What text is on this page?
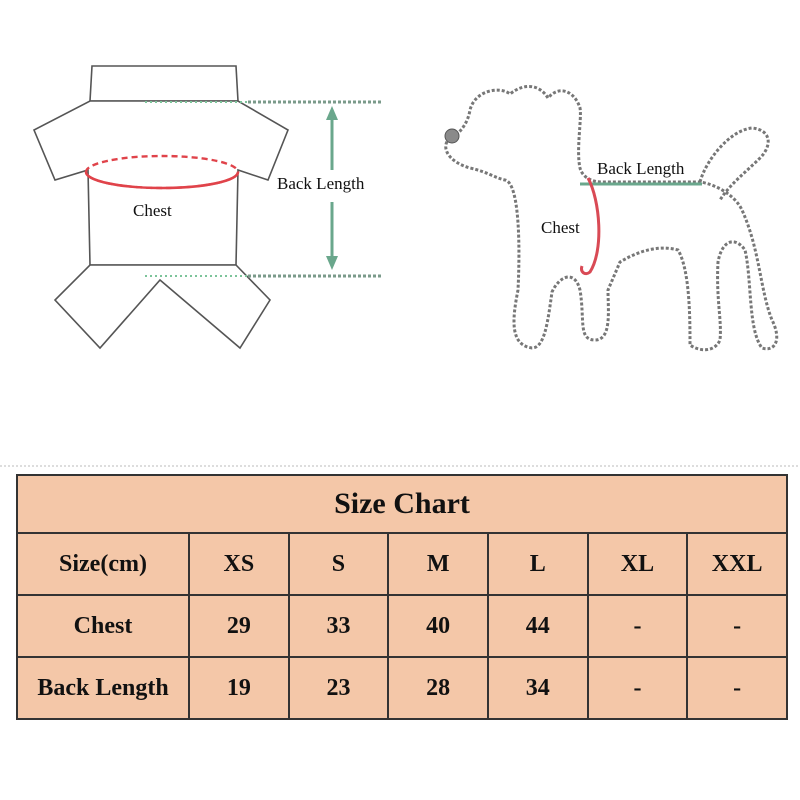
Back Length
Chest
Back Length
Chest
Size Chart						
Size(cm)	XS	S	M	L	XL	XXL
Chest	29	33	40	44	-	-
Back Length	19	23	28	34	-	-
